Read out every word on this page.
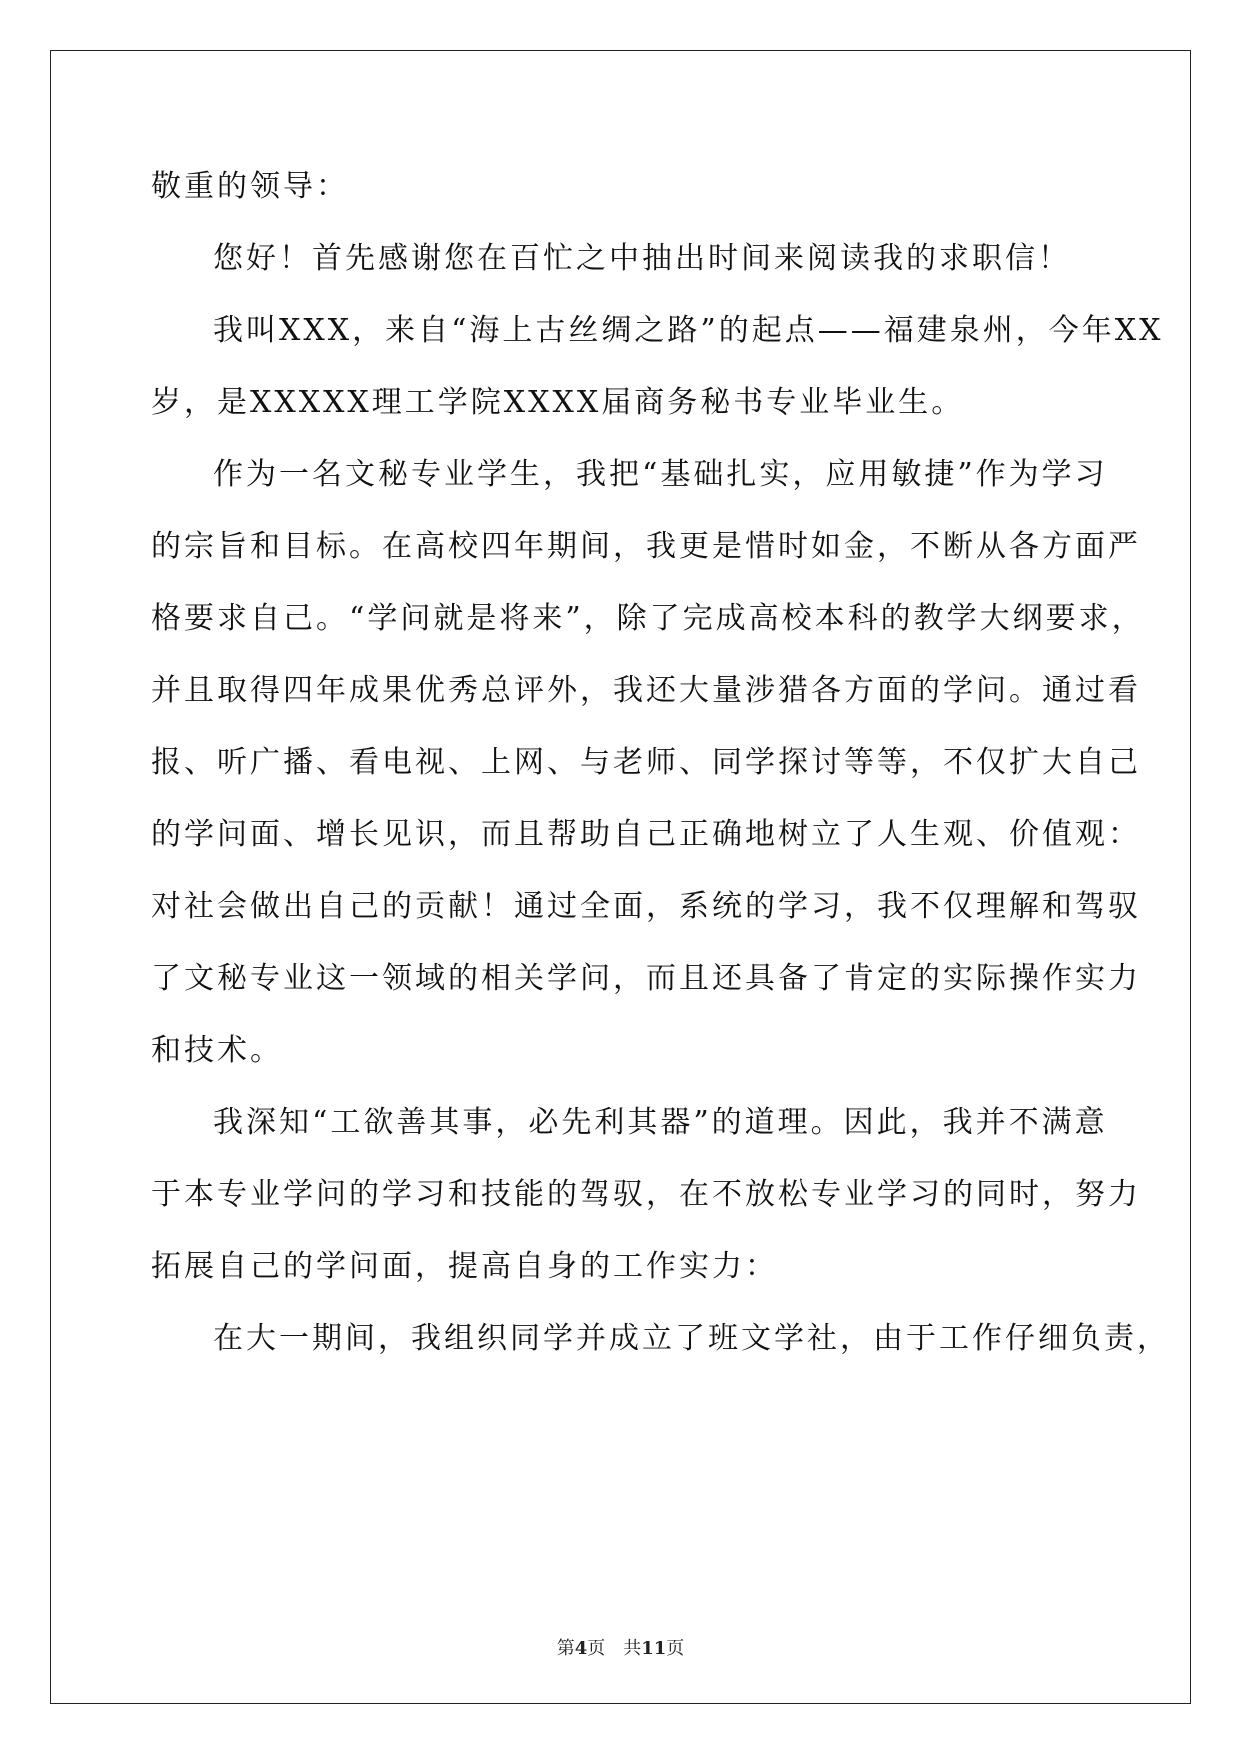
敬重的领导：
您好！首先感谢您在百忙之中抽出时间来阅读我的求职信！
我叫XXX，来自“海上古丝绸之路”的起点——福建泉州，今年XX
岁，是XXXXX理工学院XXXX届商务秘书专业毕业生。
作为一名文秘专业学生，我把“基础扎实，应用敏捷”作为学习
的宗旨和目标。在高校四年期间，我更是惜时如金，不断从各方面严
格要求自己。“学问就是将来”，除了完成高校本科的教学大纲要求，
并且取得四年成果优秀总评外，我还大量涉猎各方面的学问。通过看
报、听广播、看电视、上网、与老师、同学探讨等等，不仅扩大自己
的学问面、增长见识，而且帮助自己正确地树立了人生观、价值观：
对社会做出自己的贡献！通过全面，系统的学习，我不仅理解和驾驭
了文秘专业这一领域的相关学问，而且还具备了肯定的实际操作实力
和技术。
我深知“工欲善其事，必先利其器”的道理。因此，我并不满意
于本专业学问的学习和技能的驾驭，在不放松专业学习的同时，努力
拓展自己的学问面，提高自身的工作实力：
在大一期间，我组织同学并成立了班文学社，由于工作仔细负责，
第4页 共11页
